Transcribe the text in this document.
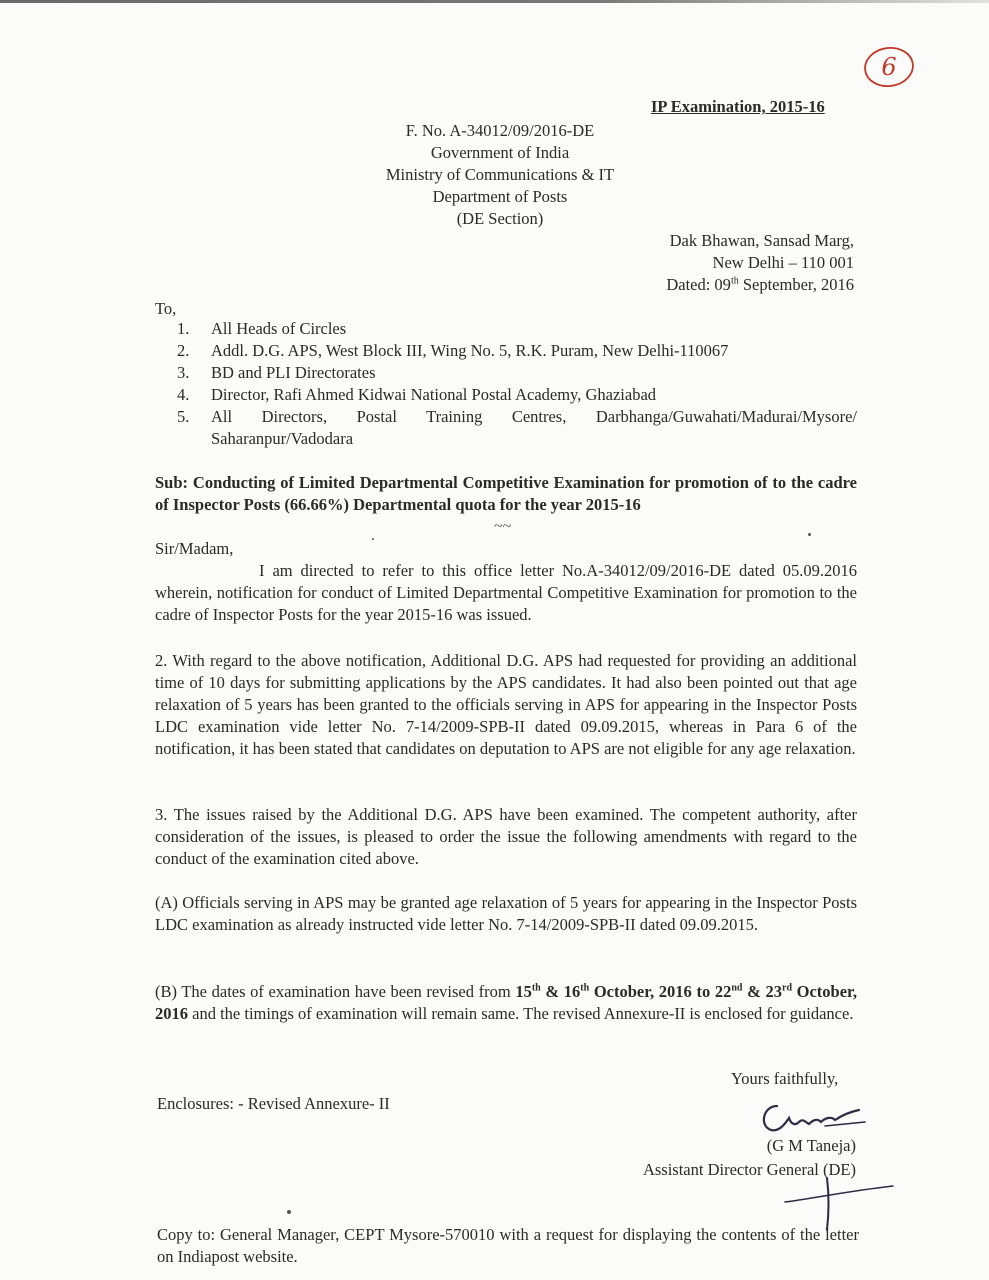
6
IP Examination, 2015-16
F. No. A-34012/09/2016-DE
Government of India
Ministry of Communications & IT
Department of Posts
(DE Section)
Dak Bhawan, Sansad Marg,
New Delhi – 110 001
Dated: 09th September, 2016
To,
1. All Heads of Circles
2. Addl. D.G. APS, West Block III, Wing No. 5, R.K. Puram, New Delhi-110067
3. BD and PLI Directorates
4. Director, Rafi Ahmed Kidwai National Postal Academy, Ghaziabad
5. All Directors, Postal Training Centres, Darbhanga/Guwahati/Madurai/Mysore/ Saharanpur/Vadodara
Sub: Conducting of Limited Departmental Competitive Examination for promotion of to the cadre of Inspector Posts (66.66%) Departmental quota for the year 2015-16
~~
Sir/Madam,
I am directed to refer to this office letter No.A-34012/09/2016-DE dated 05.09.2016 wherein, notification for conduct of Limited Departmental Competitive Examination for promotion to the cadre of Inspector Posts for the year 2015-16 was issued.
2. With regard to the above notification, Additional D.G. APS had requested for providing an additional time of 10 days for submitting applications by the APS candidates. It had also been pointed out that age relaxation of 5 years has been granted to the officials serving in APS for appearing in the Inspector Posts LDC examination vide letter No. 7-14/2009-SPB-II dated 09.09.2015, whereas in Para 6 of the notification, it has been stated that candidates on deputation to APS are not eligible for any age relaxation.
3. The issues raised by the Additional D.G. APS have been examined. The competent authority, after consideration of the issues, is pleased to order the issue the following amendments with regard to the conduct of the examination cited above.
(A) Officials serving in APS may be granted age relaxation of 5 years for appearing in the Inspector Posts LDC examination as already instructed vide letter No. 7-14/2009-SPB-II dated 09.09.2015.
(B) The dates of examination have been revised from 15th & 16th October, 2016 to 22nd & 23rd October, 2016 and the timings of examination will remain same. The revised Annexure-II is enclosed for guidance.
Yours faithfully,
Enclosures: - Revised Annexure- II
(G M Taneja)
Assistant Director General (DE)
Copy to: General Manager, CEPT Mysore-570010 with a request for displaying the contents of the letter on Indiapost website.
